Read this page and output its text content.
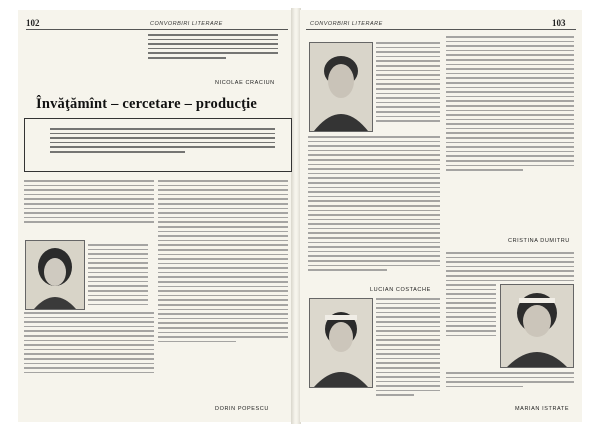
102	CONVORBIRI LITERARE
NICOLAE CRACIUN
Învăţămînt – cercetare – producţie
DORIN POPESCU
CONVORBIRI LITERARE	103
LUCIAN COSTACHE
CRISTINA DUMITRU
MARIAN ISTRATE
